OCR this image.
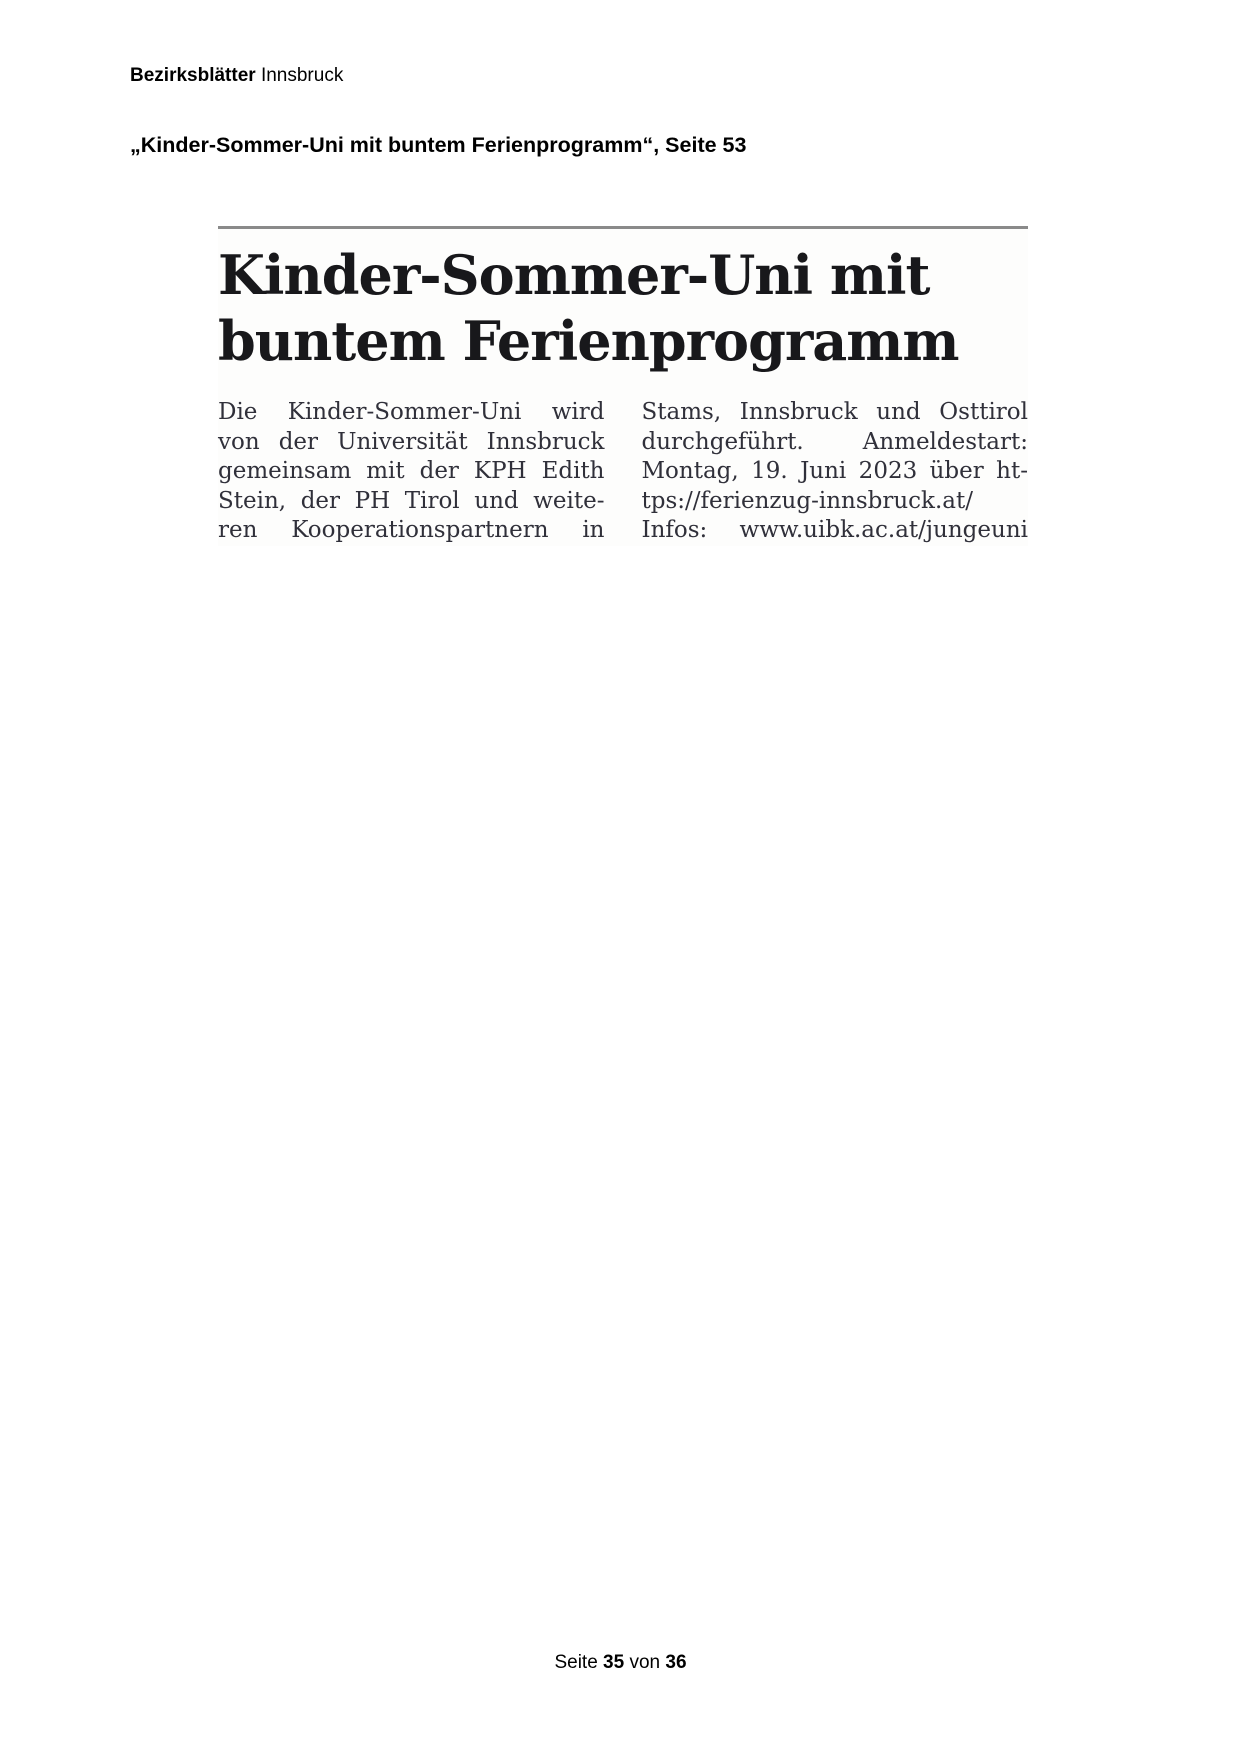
Bezirksblätter Innsbruck
„Kinder-Sommer-Uni mit buntem Ferienprogramm“, Seite 53
Kinder-Sommer-Uni mit
buntem Ferienprogramm
Die Kinder-Sommer-Uni wird
von der Universität Innsbruck
gemeinsam mit der KPH Edith
Stein, der PH Tirol und weite-
ren Kooperationspartnern in
Stams, Innsbruck und Osttirol
durchgeführt. Anmeldestart:
Montag, 19. Juni 2023 über ht-
tps://ferienzug-innsbruck.at/
Infos: www.uibk.ac.at/jungeuni
Seite 35 von 36
